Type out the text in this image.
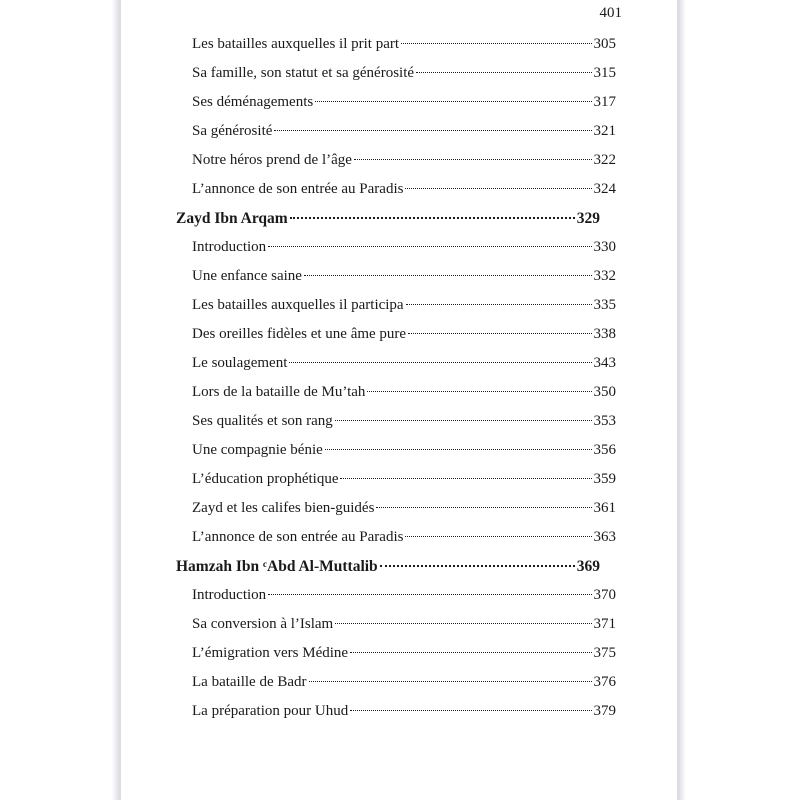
401
Les batailles auxquelles il prit part	305
Sa famille, son statut et sa générosité	315
Ses déménagements	317
Sa générosité	321
Notre héros prend de l’âge	322
L’annonce de son entrée au Paradis	324
Zayd Ibn Arqam	329
Introduction	330
Une enfance saine	332
Les batailles auxquelles il participa	335
Des oreilles fidèles et une âme pure	338
Le soulagement	343
Lors de la bataille de Mu’tah	350
Ses qualités et son rang	353
Une compagnie bénie	356
L’éducation prophétique	359
Zayd et les califes bien-guidés	361
L’annonce de son entrée au Paradis	363
Hamzah Ibn ᶜAbd Al-Muttalib	369
Introduction	370
Sa conversion à l’Islam	371
L’émigration vers Médine	375
La bataille de Badr	376
La préparation pour Uhud	379
